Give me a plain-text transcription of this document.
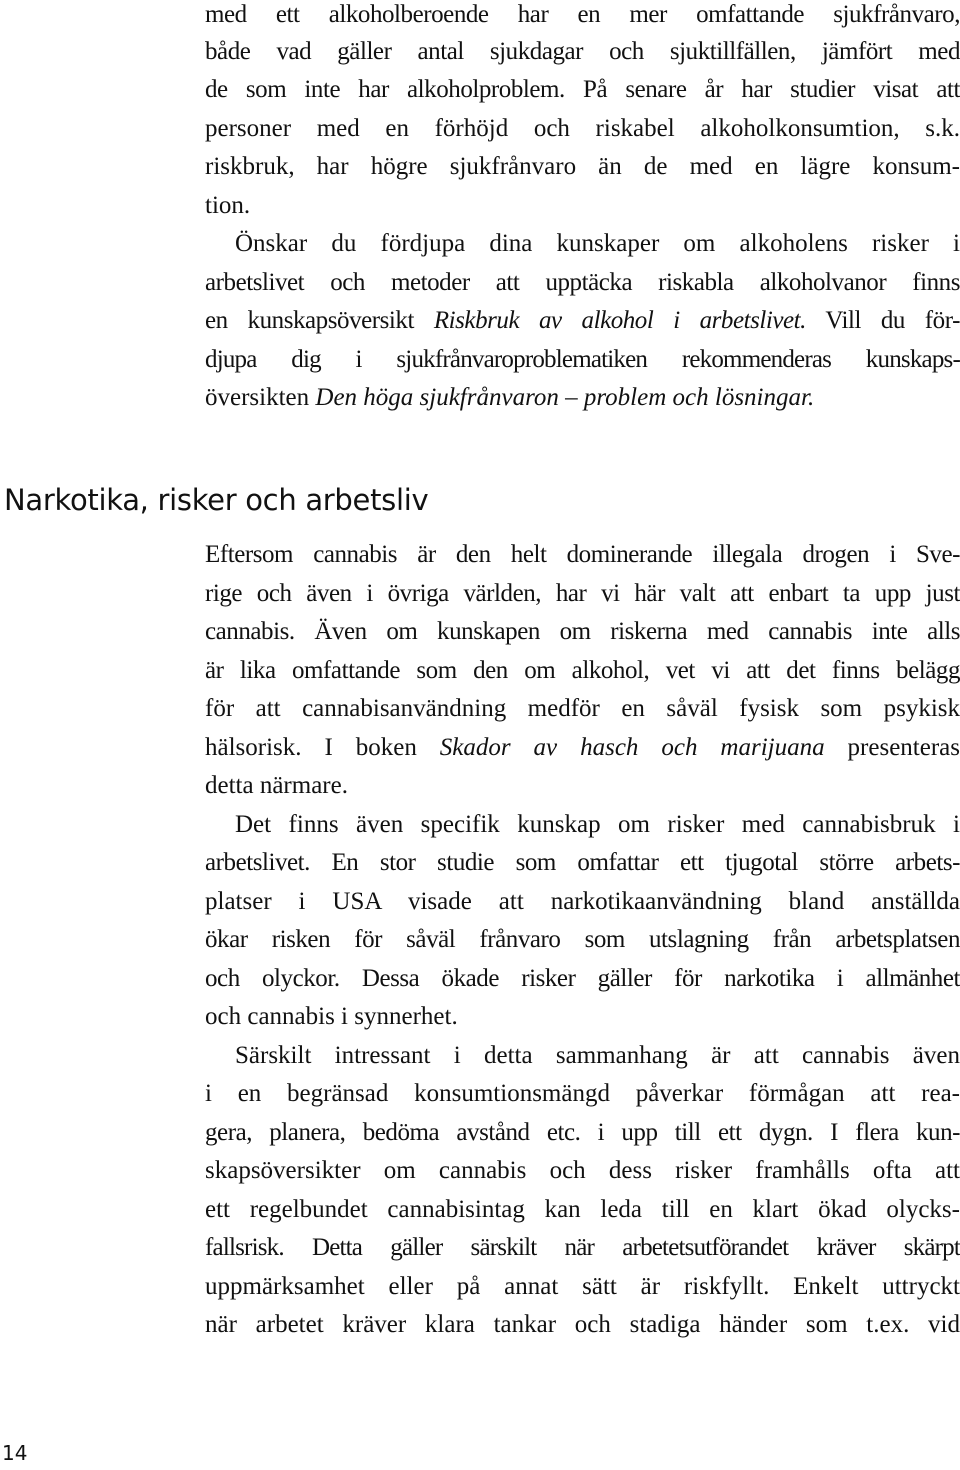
med ett alkoholberoende har en mer omfattande sjukfrånvaro,
både vad gäller antal sjukdagar och sjuktillfällen, jämfört med
de som inte har alkoholproblem. På senare år har studier visat att
personer med en förhöjd och riskabel alkoholkonsumtion, s.k.
riskbruk, har högre sjukfrånvaro än de med en lägre konsum-
tion.
Önskar du fördjupa dina kunskaper om alkoholens risker i
arbetslivet och metoder att upptäcka riskabla alkoholvanor finns
en kunskapsöversikt Riskbruk av alkohol i arbetslivet. Vill du för-
djupa dig i sjukfrånvaroproblematiken rekommenderas kunskaps-
översikten Den höga sjukfrånvaron – problem och lösningar.
Narkotika, risker och arbetsliv
Eftersom cannabis är den helt dominerande illegala drogen i Sve-
rige och även i övriga världen, har vi här valt att enbart ta upp just
cannabis. Även om kunskapen om riskerna med cannabis inte alls
är lika omfattande som den om alkohol, vet vi att det finns belägg
för att cannabisanvändning medför en såväl fysisk som psykisk
hälsorisk. I boken Skador av hasch och marijuana presenteras
detta närmare.
Det finns även specifik kunskap om risker med cannabisbruk i
arbetslivet. En stor studie som omfattar ett tjugotal större arbets-
platser i USA visade att narkotikaanvändning bland anställda
ökar risken för såväl frånvaro som utslagning från arbetsplatsen
och olyckor. Dessa ökade risker gäller för narkotika i allmänhet
och cannabis i synnerhet.
Särskilt intressant i detta sammanhang är att cannabis även
i en begränsad konsumtionsmängd påverkar förmågan att rea-
gera, planera, bedöma avstånd etc. i upp till ett dygn. I flera kun-
skapsöversikter om cannabis och dess risker framhålls ofta att
ett regelbundet cannabisintag kan leda till en klart ökad olycks-
fallsrisk. Detta gäller särskilt när arbetetsutförandet kräver skärpt
uppmärksamhet eller på annat sätt är riskfyllt. Enkelt uttryckt
när arbetet kräver klara tankar och stadiga händer som t.ex. vid
14
